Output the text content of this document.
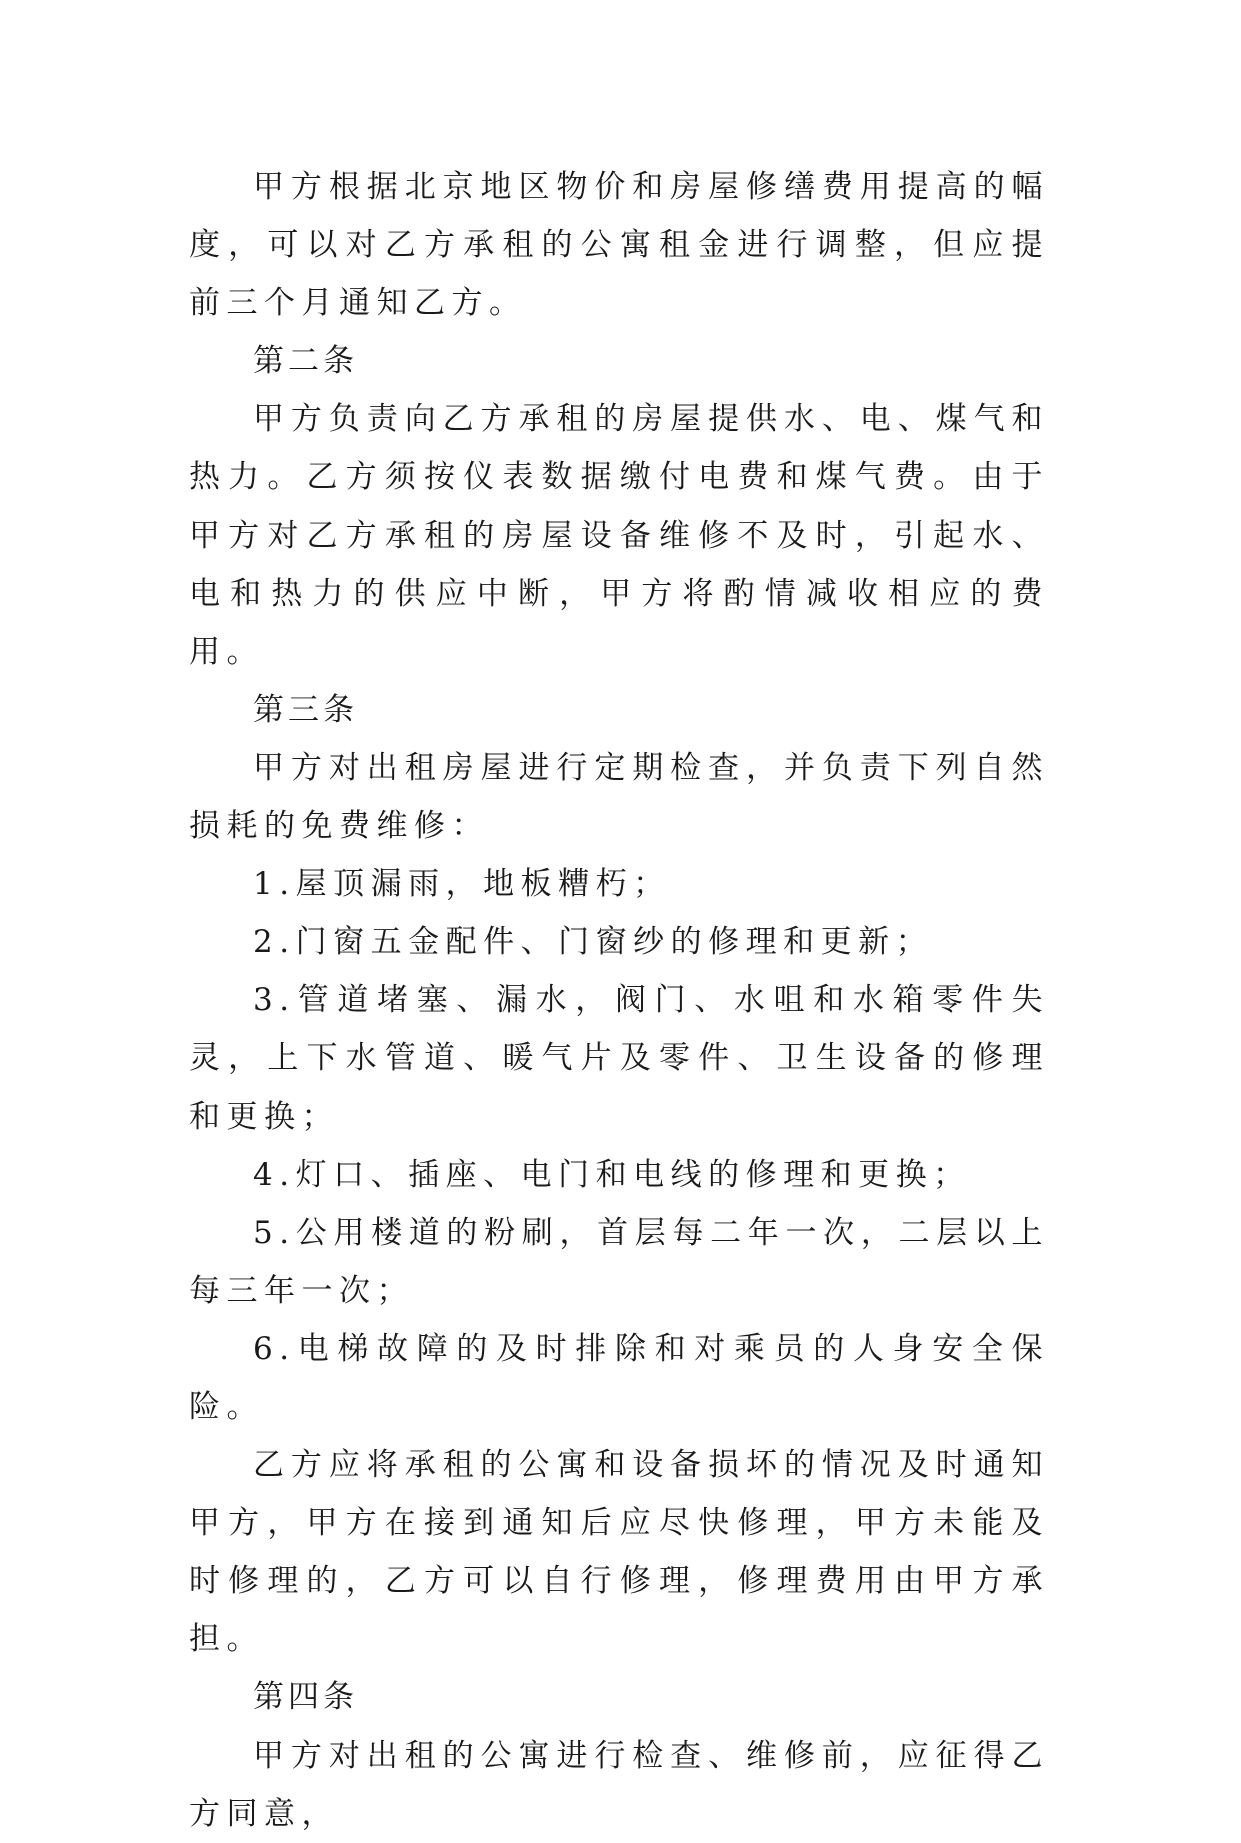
甲方根据北京地区物价和房屋修缮费用提高的幅度，可以对乙方承租的公寓租金进行调整，但应提前三个月通知乙方。

第二条

甲方负责向乙方承租的房屋提供水、电、煤气和热力。乙方须按仪表数据缴付电费和煤气费。由于甲方对乙方承租的房屋设备维修不及时，引起水、电和热力的供应中断，甲方将酌情减收相应的费用。

第三条

甲方对出租房屋进行定期检查，并负责下列自然损耗的免费维修：

1.屋顶漏雨，地板糟朽；

2.门窗五金配件、门窗纱的修理和更新；

3.管道堵塞、漏水，阀门、水咀和水箱零件失灵，上下水管道、暖气片及零件、卫生设备的修理和更换；

4.灯口、插座、电门和电线的修理和更换；

5.公用楼道的粉刷，首层每二年一次，二层以上每三年一次；

6.电梯故障的及时排除和对乘员的人身安全保险。

乙方应将承租的公寓和设备损坏的情况及时通知甲方，甲方在接到通知后应尽快修理，甲方未能及时修理的，乙方可以自行修理，修理费用由甲方承担。

第四条

甲方对出租的公寓进行检查、维修前，应征得乙方同意，
